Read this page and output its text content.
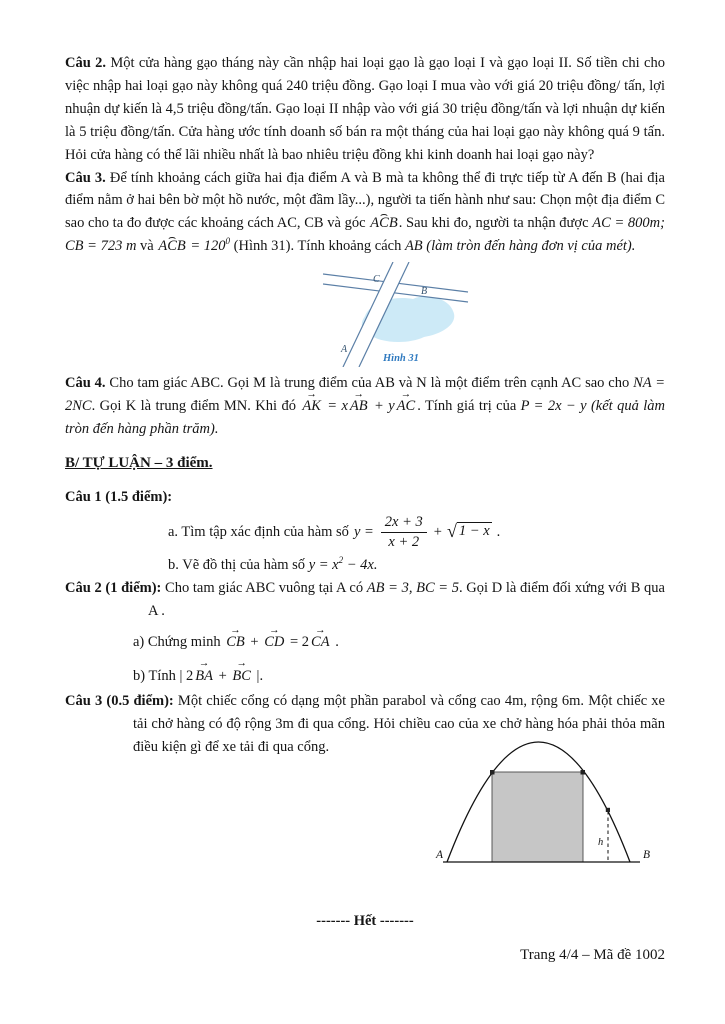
Câu 2. Một cửa hàng gạo tháng này cần nhập hai loại gạo là gạo loại I và gạo loại II. Số tiền chi cho việc nhập hai loại gạo này không quá 240 triệu đồng. Gạo loại I mua vào với giá 20 triệu đồng/ tấn, lợi nhuận dự kiến là 4,5 triệu đồng/tấn. Gạo loại II nhập vào với giá 30 triệu đồng/tấn và lợi nhuận dự kiến là 5 triệu đồng/tấn. Cửa hàng ước tính doanh số bán ra một tháng của hai loại gạo này không quá 9 tấn. Hỏi cửa hàng có thể lãi nhiều nhất là bao nhiêu triệu đồng khi kinh doanh hai loại gạo này?

Câu 3. Để tính khoảng cách giữa hai địa điểm A và B mà ta không thể đi trực tiếp từ A đến B (hai địa điểm nằm ở hai bên bờ một hồ nước, một đầm lầy...), người ta tiến hành như sau: Chọn một địa điểm C sao cho ta đo được các khoảng cách AC, CB và góc ACB ⌢. Sau khi đo, người ta nhận được AC = 800m; CB = 723 m và ACB ⌢ = $120^0$ (Hình 31). Tính khoảng cách AB (làm tròn đến hàng đơn vị của mét).

C
B
A
Hình 31

Câu 4. Cho tam giác ABC. Gọi M là trung điểm của AB và N là một điểm trên cạnh AC sao cho NA = 2NC. Gọi K là trung điểm MN. Khi đó AK → = x AB → + y AC → . Tính giá trị của P = 2x − y (kết quả làm tròn đến hàng phần trăm).

B/ TỰ LUẬN – 3 điểm.
Câu 1 (1.5 điểm):
a. Tìm tập xác định của hàm số $y = \frac{2x + 3}{x + 2}$ + √ 1 − x .
b. Vẽ đồ thị của hàm số $y = x^2 - 4x$.

Câu 2 (1 điểm): Cho tam giác ABC vuông tại A có AB = 3, BC = 5. Gọi D là điểm đối xứng với B qua A .

a) Chứng minh CB → + CD → = 2 CA → .
b) Tính | 2 BA → + BC → |.

Câu 3 (0.5 điểm): Một chiếc cổng có dạng một phần parabol và cổng cao 4m, rộng 6m. Một chiếc xe tải chở hàng có độ rộng 3m đi qua cổng. Hỏi chiều cao của xe chở hàng hóa phải thỏa mãn điều kiện gì để xe tải đi qua cổng.

A	B
h
------- Hết -------
Trang 4/4 – Mã đề 1002
